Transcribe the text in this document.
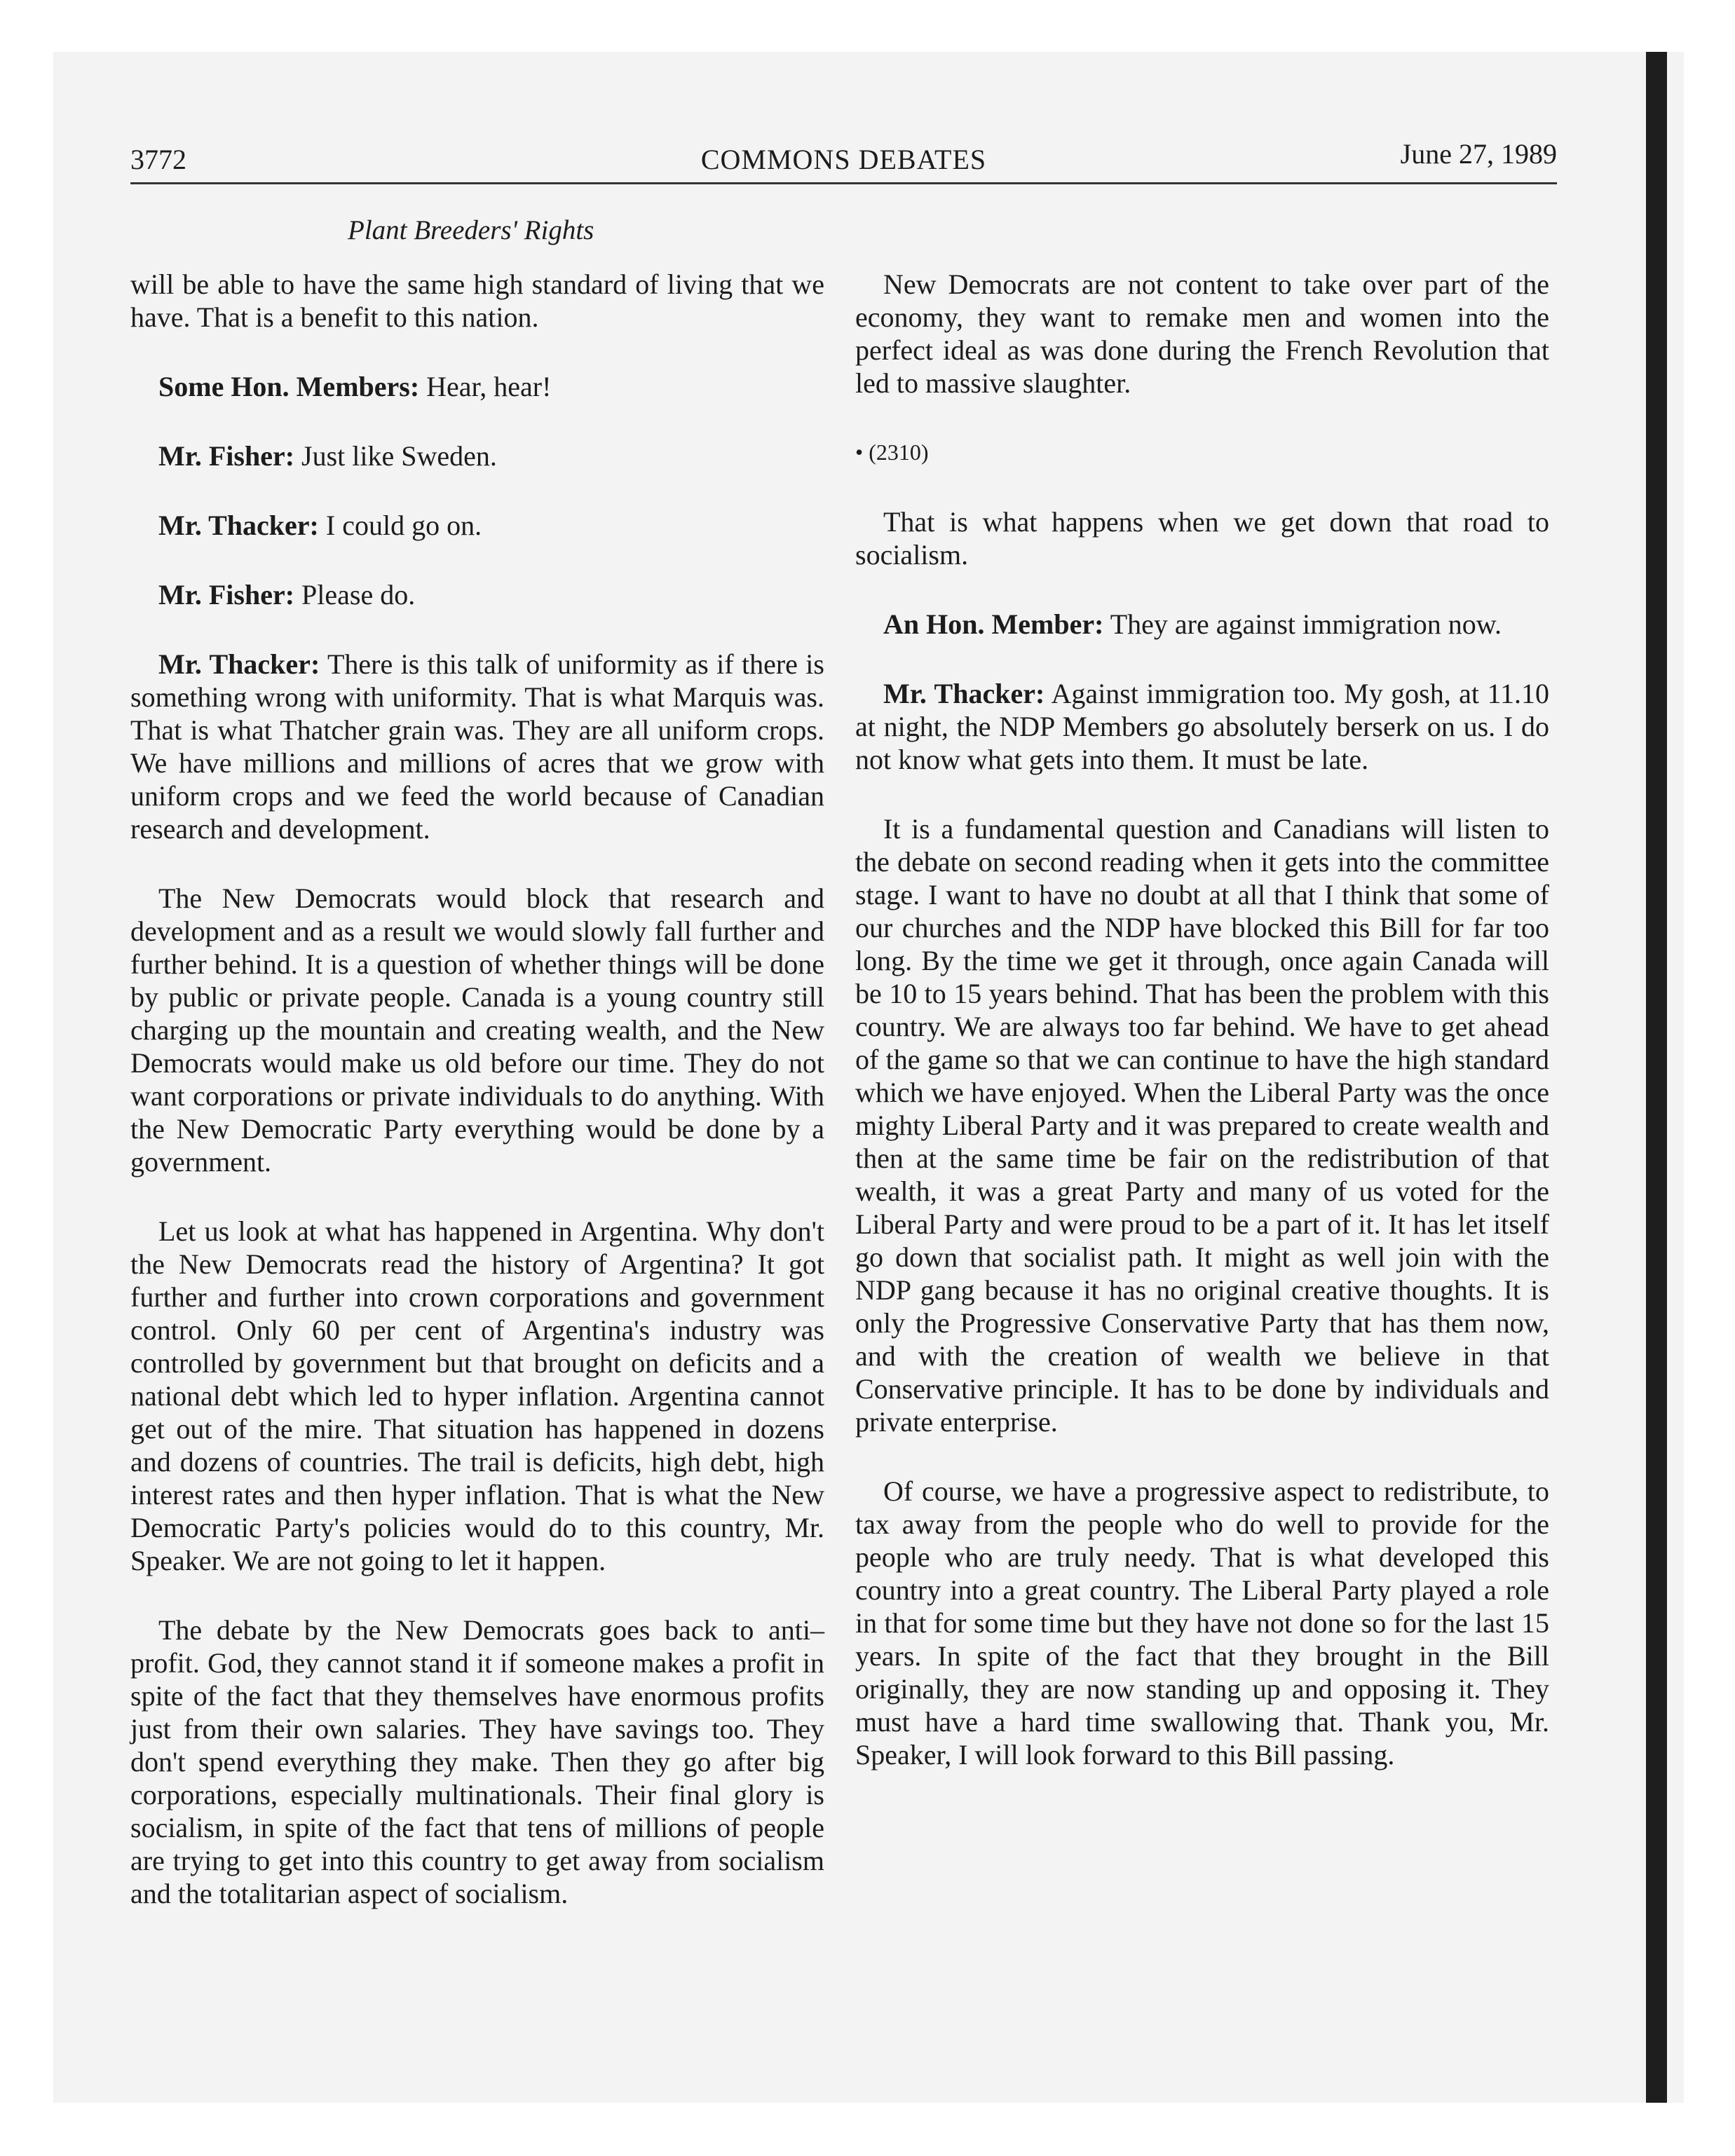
3772	COMMONS DEBATES	June 27, 1989
Plant Breeders' Rights

will be able to have the same high standard of living that we have. That is a benefit to this nation.

Some Hon. Members: Hear, hear!

Mr. Fisher: Just like Sweden.

Mr. Thacker: I could go on.

Mr. Fisher: Please do.

Mr. Thacker: There is this talk of uniformity as if there is something wrong with uniformity. That is what Marquis was. That is what Thatcher grain was. They are all uniform crops. We have millions and millions of acres that we grow with uniform crops and we feed the world because of Canadian research and development.

The New Democrats would block that research and development and as a result we would slowly fall further and further behind. It is a question of whether things will be done by public or private people. Canada is a young country still charging up the mountain and creating wealth, and the New Democrats would make us old before our time. They do not want corporations or private individuals to do anything. With the New Democratic Party everything would be done by a government.

Let us look at what has happened in Argentina. Why don't the New Democrats read the history of Argentina? It got further and further into crown corporations and government control. Only 60 per cent of Argentina's industry was controlled by government but that brought on deficits and a national debt which led to hyper inflation. Argentina cannot get out of the mire. That situation has happened in dozens and dozens of countries. The trail is deficits, high debt, high interest rates and then hyper inflation. That is what the New Democratic Party's policies would do to this country, Mr. Speaker. We are not going to let it happen.

The debate by the New Democrats goes back to anti–profit. God, they cannot stand it if someone makes a profit in spite of the fact that they themselves have enormous profits just from their own salaries. They have savings too. They don't spend everything they make. Then they go after big corporations, especially multinationals. Their final glory is socialism, in spite of the fact that tens of millions of people are trying to get into this country to get away from socialism and the totalitarian aspect of socialism.

New Democrats are not content to take over part of the economy, they want to remake men and women into the perfect ideal as was done during the French Revolution that led to massive slaughter.

• (2310)

That is what happens when we get down that road to socialism.

An Hon. Member: They are against immigration now.

Mr. Thacker: Against immigration too. My gosh, at 11.10 at night, the NDP Members go absolutely berserk on us. I do not know what gets into them. It must be late.

It is a fundamental question and Canadians will listen to the debate on second reading when it gets into the committee stage. I want to have no doubt at all that I think that some of our churches and the NDP have blocked this Bill for far too long. By the time we get it through, once again Canada will be 10 to 15 years behind. That has been the problem with this country. We are always too far behind. We have to get ahead of the game so that we can continue to have the high standard which we have enjoyed. When the Liberal Party was the once mighty Liberal Party and it was prepared to create wealth and then at the same time be fair on the redistribution of that wealth, it was a great Party and many of us voted for the Liberal Party and were proud to be a part of it. It has let itself go down that socialist path. It might as well join with the NDP gang because it has no original creative thoughts. It is only the Progressive Conservative Party that has them now, and with the creation of wealth we believe in that Conservative principle. It has to be done by individuals and private enterprise.

Of course, we have a progressive aspect to redistribute, to tax away from the people who do well to provide for the people who are truly needy. That is what developed this country into a great country. The Liberal Party played a role in that for some time but they have not done so for the last 15 years. In spite of the fact that they brought in the Bill originally, they are now standing up and opposing it. They must have a hard time swallowing that. Thank you, Mr. Speaker, I will look forward to this Bill passing.
